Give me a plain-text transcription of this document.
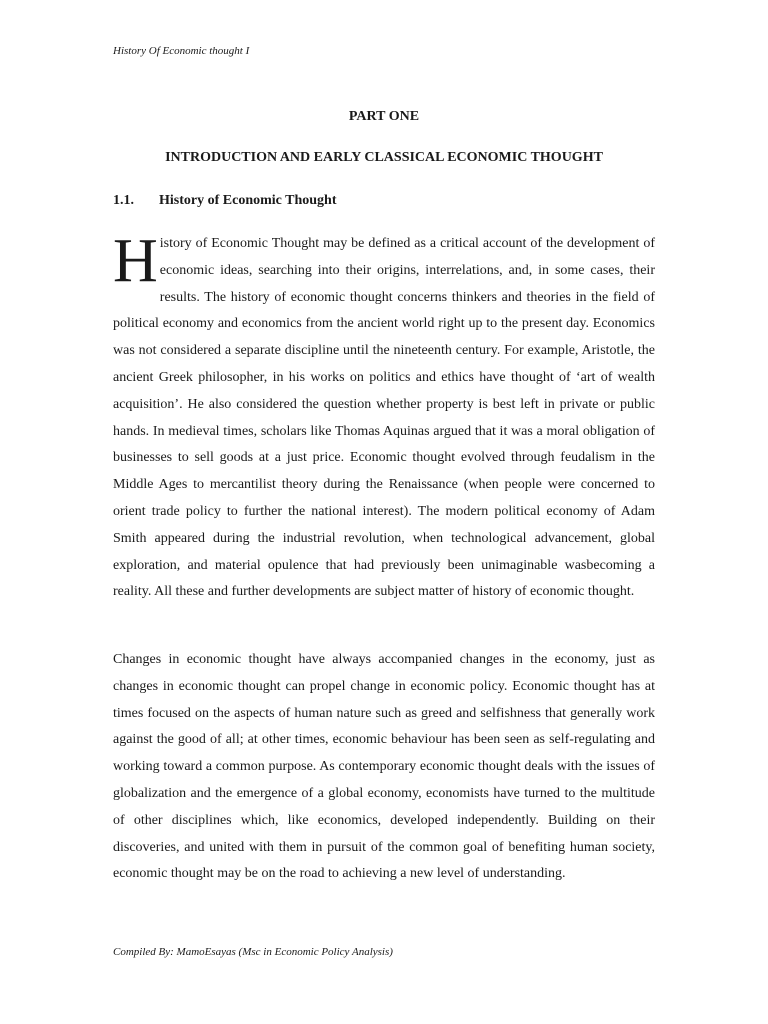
History Of Economic thought I
PART ONE
INTRODUCTION AND EARLY CLASSICAL ECONOMIC THOUGHT
1.1. History of Economic Thought

History of Economic Thought may be defined as a critical account of the development of economic ideas, searching into their origins, interrelations, and, in some cases, their results. The history of economic thought concerns thinkers and theories in the field of political economy and economics from the ancient world right up to the present day. Economics was not considered a separate discipline until the nineteenth century. For example, Aristotle, the ancient Greek philosopher, in his works on politics and ethics have thought of ‘art of wealth acquisition’. He also considered the question whether property is best left in private or public hands. In medieval times, scholars like Thomas Aquinas argued that it was a moral obligation of businesses to sell goods at a just price. Economic thought evolved through feudalism in the Middle Ages to mercantilist theory during the Renaissance (when people were concerned to orient trade policy to further the national interest). The modern political economy of Adam Smith appeared during the industrial revolution, when technological advancement, global exploration, and material opulence that had previously been unimaginable wasbecoming a reality. All these and further developments are subject matter of history of economic thought.

Changes in economic thought have always accompanied changes in the economy, just as changes in economic thought can propel change in economic policy. Economic thought has at times focused on the aspects of human nature such as greed and selfishness that generally work against the good of all; at other times, economic behaviour has been seen as self-regulating and working toward a common purpose. As contemporary economic thought deals with the issues of globalization and the emergence of a global economy, economists have turned to the multitude of other disciplines which, like economics, developed independently. Building on their discoveries, and united with them in pursuit of the common goal of benefiting human society, economic thought may be on the road to achieving a new level of understanding.

Compiled By: MamoEsayas (Msc in Economic Policy Analysis)
